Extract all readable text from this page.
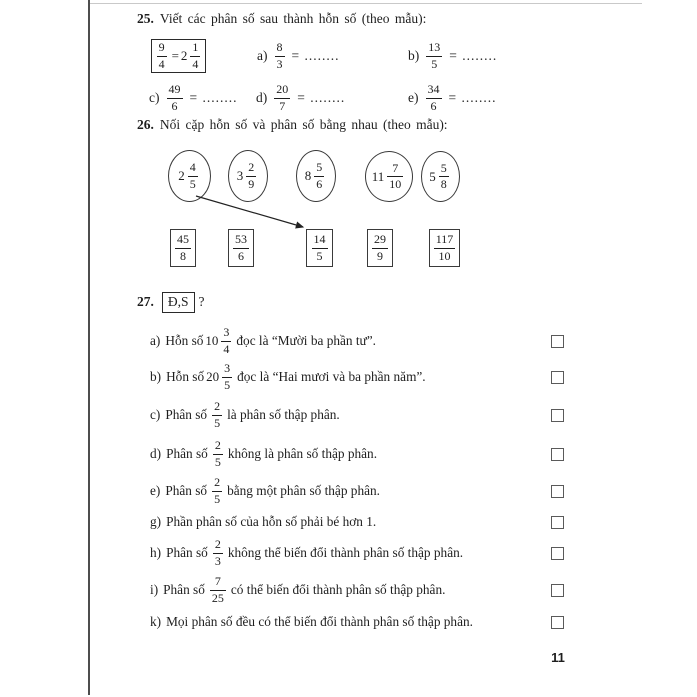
25. Viết các phân số sau thành hỗn số (theo mẫu):
$\frac{9}{4} = 2 \frac{1}{4}$	$a) \frac{8}{3}$ = ........	$b) \frac{13}{5}$ = ........
$c) \frac{49}{6}$ = ........ $d) \frac{20}{7}$ = ........	$e) \frac{34}{6}$ = ........
26. Nối cặp hỗn số và phân số bằng nhau (theo mẫu):
$2 \frac{4}{5}$	$3 \frac{2}{9}$	$8 \frac{5}{6}$	$11 \frac{7}{10} 5 \frac{5}{8}$
$\frac{45}{8}$	$\frac{53}{6}$	$\frac{14}{5}$	$\frac{29}{9}$	$\frac{117}{10}$
27. Đ,S ?
a) Hỗn số $10 \frac{3}{4}$ đọc là “Mười ba phần tư”.
b) Hỗn số $20 \frac{3}{5}$ đọc là “Hai mươi và ba phần năm”.
c) Phân số $\frac{2}{5}$ là phân số thập phân.
d) Phân số $\frac{2}{5}$ không là phân số thập phân.
e) Phân số $\frac{2}{5}$ bằng một phân số thập phân.
g) Phần phân số của hỗn số phải bé hơn 1.
h) Phân số $\frac{2}{3}$ không thể biến đổi thành phân số thập phân.
i) Phân số $\frac{7}{25}$ có thể biến đổi thành phân số thập phân.
k) Mọi phân số đều có thể biến đổi thành phân số thập phân.
11
